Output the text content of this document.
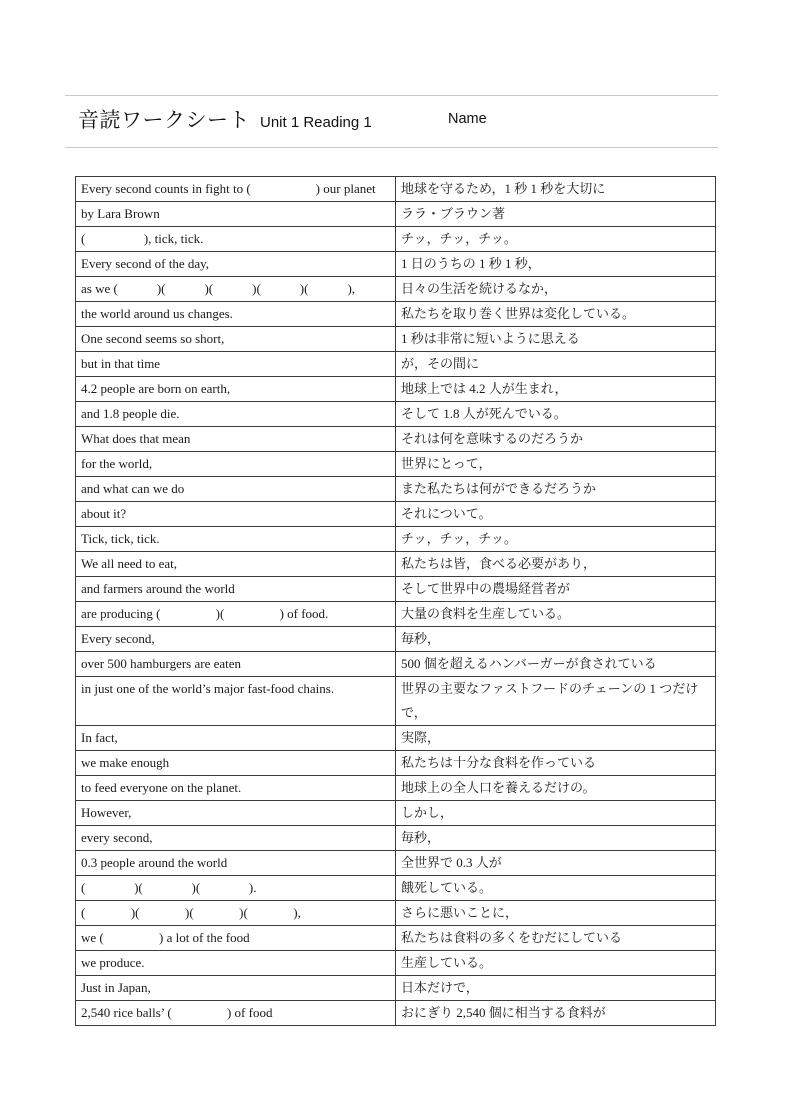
音読ワークシート Unit 1 Reading 1	Name
Every second counts in fight to (                    ) our planet	地球を守るため，1 秒 1 秒を大切に
by Lara Brown	ララ・ブラウン著
(                  ), tick, tick.	チッ，チッ，チッ。
Every second of the day,	1 日のうちの 1 秒 1 秒，
as we (            )(            )(            )(            )(            ),	日々の生活を続けるなか，
the world around us changes.	私たちを取り巻く世界は変化している。
One second seems so short,	1 秒は非常に短いように思える
but in that time	が，その間に
4.2 people are born on earth,	地球上では 4.2 人が生まれ，
and 1.8 people die.	そして 1.8 人が死んでいる。
What does that mean	それは何を意味するのだろうか
for the world,	世界にとって，
and what can we do	また私たちは何ができるだろうか
about it?	それについて。
Tick, tick, tick.	チッ，チッ，チッ。
We all need to eat,	私たちは皆，食べる必要があり，
and farmers around the world	そして世界中の農場経営者が
are producing (                 )(                 ) of food.	大量の食料を生産している。
Every second,	毎秒，
over 500 hamburgers are eaten	500 個を超えるハンバーガーが食されている
in just one of the world’s major fast-food chains.	世界の主要なファストフードのチェーンの 1 つだけで，
In fact,	実際，
we make enough	私たちは十分な食料を作っている
to feed everyone on the planet.	地球上の全人口を養えるだけの。
However,	しかし，
every second,	毎秒，
0.3 people around the world	全世界で 0.3 人が
(               )(               )(               ).	餓死している。
(              )(              )(              )(              ),	さらに悪いことに，
we (                 ) a lot of the food	私たちは食料の多くをむだにしている
we produce.	生産している。
Just in Japan,	日本だけで，
2,540 rice balls’ (                 ) of food	おにぎり 2,540 個に相当する食料が
